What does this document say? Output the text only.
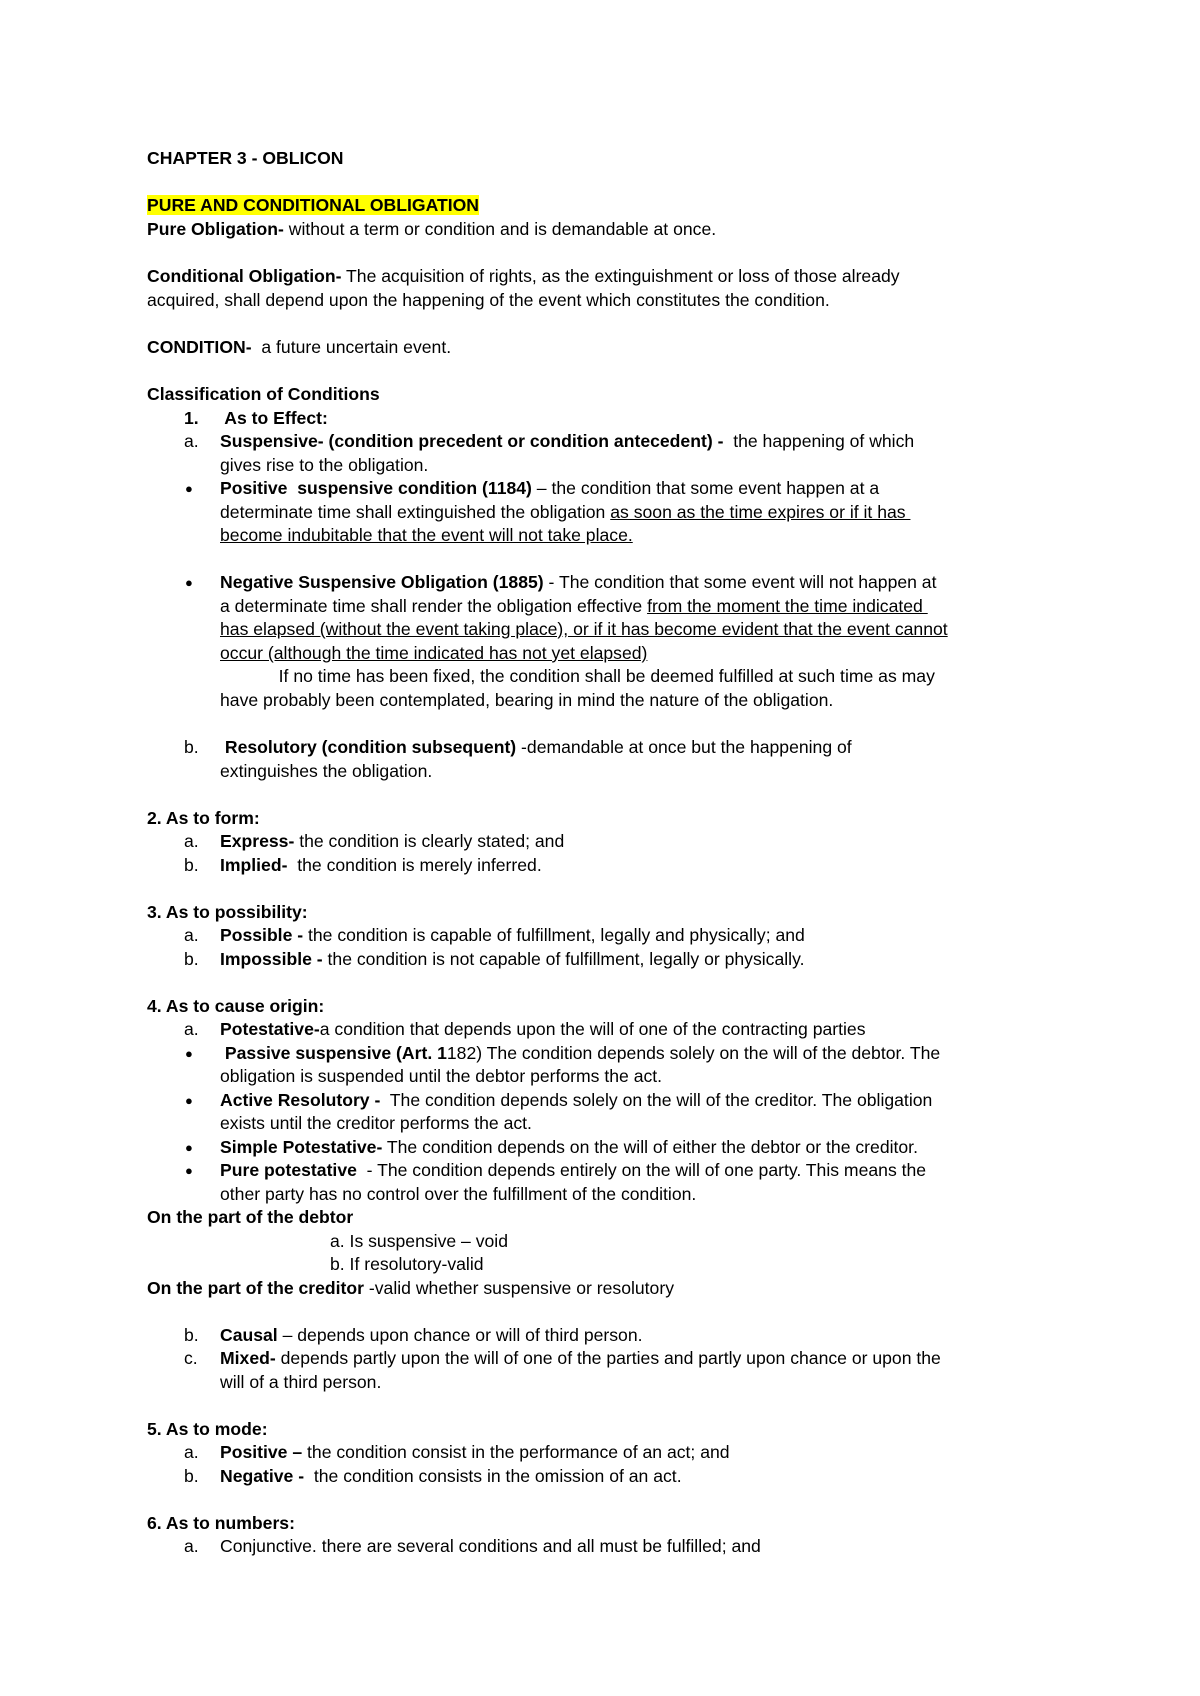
CHAPTER 3 - OBLICON
PURE AND CONDITIONAL OBLIGATION
Pure Obligation- without a term or condition and is demandable at once.
Conditional Obligation- The acquisition of rights, as the extinguishment or loss of those already
acquired, shall depend upon the happening of the event which constitutes the condition.
CONDITION-  a future uncertain event.
Classification of Conditions
1. As to Effect:
a. Suspensive- (condition precedent or condition antecedent) -  the happening of which
gives rise to the obligation.
● Positive  suspensive condition (1184) – the condition that some event happen at a
determinate time shall extinguished the obligation as soon as the time expires or if it has
become indubitable that the event will not take place.
● Negative Suspensive Obligation (1885) - The condition that some event will not happen at
a determinate time shall render the obligation effective from the moment the time indicated
has elapsed (without the event taking place), or if it has become evident that the event cannot
occur (although the time indicated has not yet elapsed)
If no time has been fixed, the condition shall be deemed fulfilled at such time as may
have probably been contemplated, bearing in mind the nature of the obligation.
b. Resolutory (condition subsequent) -demandable at once but the happening of
extinguishes the obligation.
2. As to form:
a. Express- the condition is clearly stated; and
b. Implied-  the condition is merely inferred.
3. As to possibility:
a. Possible - the condition is capable of fulfillment, legally and physically; and
b. Impossible - the condition is not capable of fulfillment, legally or physically.
4. As to cause origin:
a. Potestative-a condition that depends upon the will of one of the contracting parties
● Passive suspensive (Art. 1182) The condition depends solely on the will of the debtor. The
obligation is suspended until the debtor performs the act.
● Active Resolutory -  The condition depends solely on the will of the creditor. The obligation
exists until the creditor performs the act.
● Simple Potestative- The condition depends on the will of either the debtor or the creditor.
● Pure potestative  - The condition depends entirely on the will of one party. This means the
other party has no control over the fulfillment of the condition.
On the part of the debtor
a. Is suspensive – void
b. If resolutory-valid
On the part of the creditor -valid whether suspensive or resolutory
b. Causal – depends upon chance or will of third person.
c. Mixed- depends partly upon the will of one of the parties and partly upon chance or upon the
will of a third person.
5. As to mode:
a. Positive – the condition consist in the performance of an act; and
b. Negative -  the condition consists in the omission of an act.
6. As to numbers:
a. Conjunctive. there are several conditions and all must be fulfilled; and
